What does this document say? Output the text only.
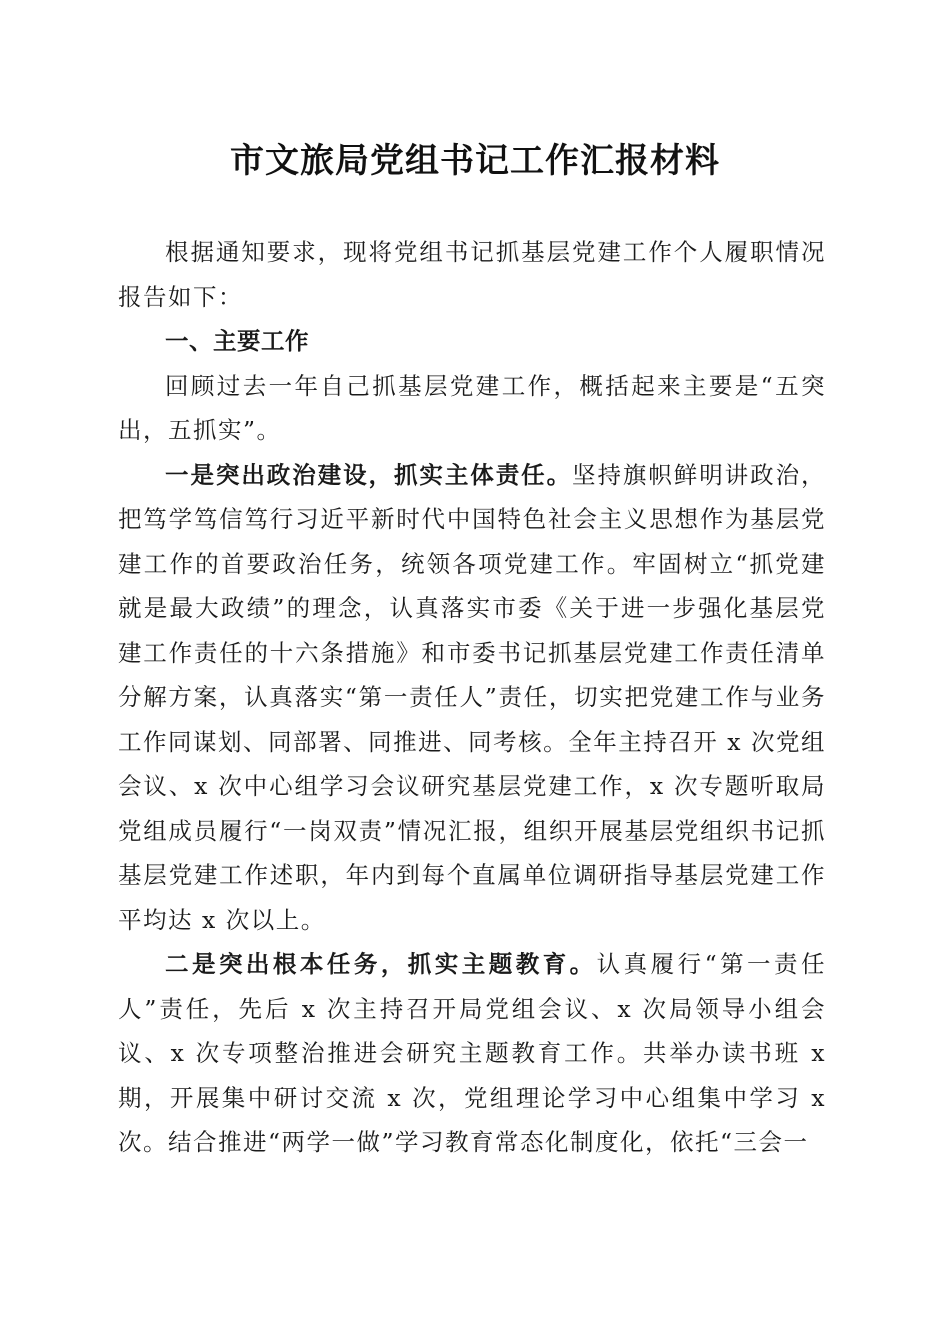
市文旅局党组书记工作汇报材料

根据通知要求，现将党组书记抓基层党建工作个人履职情况报告如下：

一、主要工作

回顾过去一年自己抓基层党建工作，概括起来主要是“五突出，五抓实”。

一是突出政治建设，抓实主体责任。坚持旗帜鲜明讲政治，把笃学笃信笃行习近平新时代中国特色社会主义思想作为基层党建工作的首要政治任务，统领各项党建工作。牢固树立“抓党建就是最大政绩”的理念，认真落实市委《关于进一步强化基层党建工作责任的十六条措施》和市委书记抓基层党建工作责任清单分解方案，认真落实“第一责任人”责任，切实把党建工作与业务工作同谋划、同部署、同推进、同考核。全年主持召开 x 次党组会议、x 次中心组学习会议研究基层党建工作，x 次专题听取局党组成员履行“一岗双责”情况汇报，组织开展基层党组织书记抓基层党建工作述职，年内到每个直属单位调研指导基层党建工作平均达 x 次以上。

二是突出根本任务，抓实主题教育。认真履行“第一责任人”责任，先后 x 次主持召开局党组会议、x 次局领导小组会议、x 次专项整治推进会研究主题教育工作。共举办读书班 x 期，开展集中研讨交流 x 次，党组理论学习中心组集中学习 x 次。结合推进“两学一做”学习教育常态化制度化，依托“三会一
